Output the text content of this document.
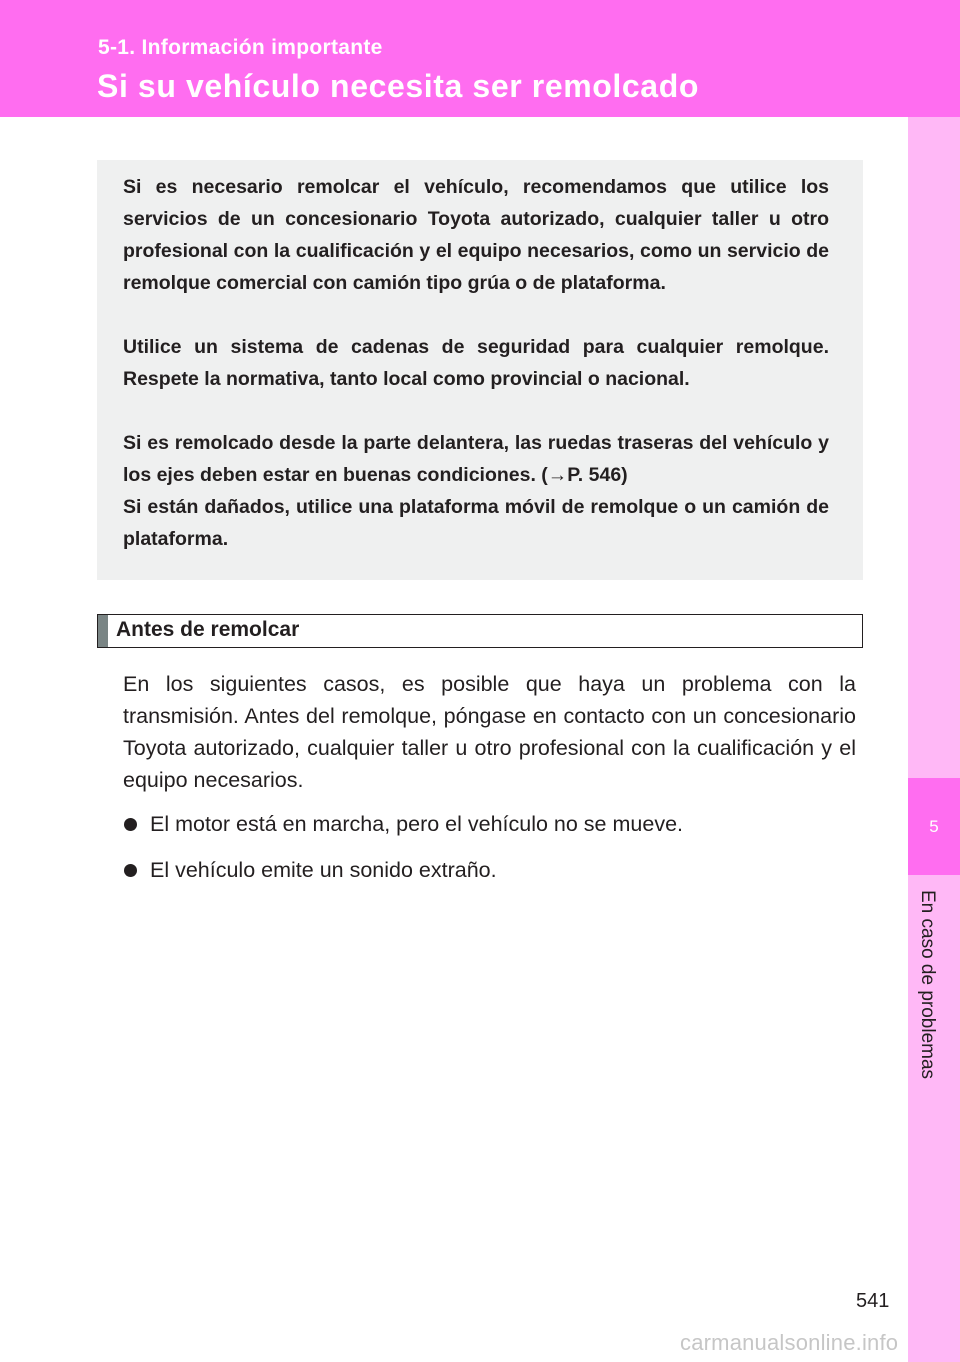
5-1. Información importante
Si su vehículo necesita ser remolcado
5
En caso de problemas

Si es necesario remolcar el vehículo, recomendamos que utilice los servicios de un concesionario Toyota autorizado, cualquier taller u otro profesional con la cualificación y el equipo necesarios, como un servicio de remolque comercial con camión tipo grúa o de plataforma.

Utilice un sistema de cadenas de seguridad para cualquier remolque. Respete la normativa, tanto local como provincial o nacional.

Si es remolcado desde la parte delantera, las ruedas traseras del vehículo y los ejes deben estar en buenas condiciones. (→P. 546)

Si están dañados, utilice una plataforma móvil de remolque o un camión de plataforma.

Antes de remolcar

En los siguientes casos, es posible que haya un problema con la transmisión. Antes del remolque, póngase en contacto con un concesionario Toyota autorizado, cualquier taller u otro profesional con la cualificación y el equipo necesarios.

El motor está en marcha, pero el vehículo no se mueve.
El vehículo emite un sonido extraño.
541
carmanualsonline.info
